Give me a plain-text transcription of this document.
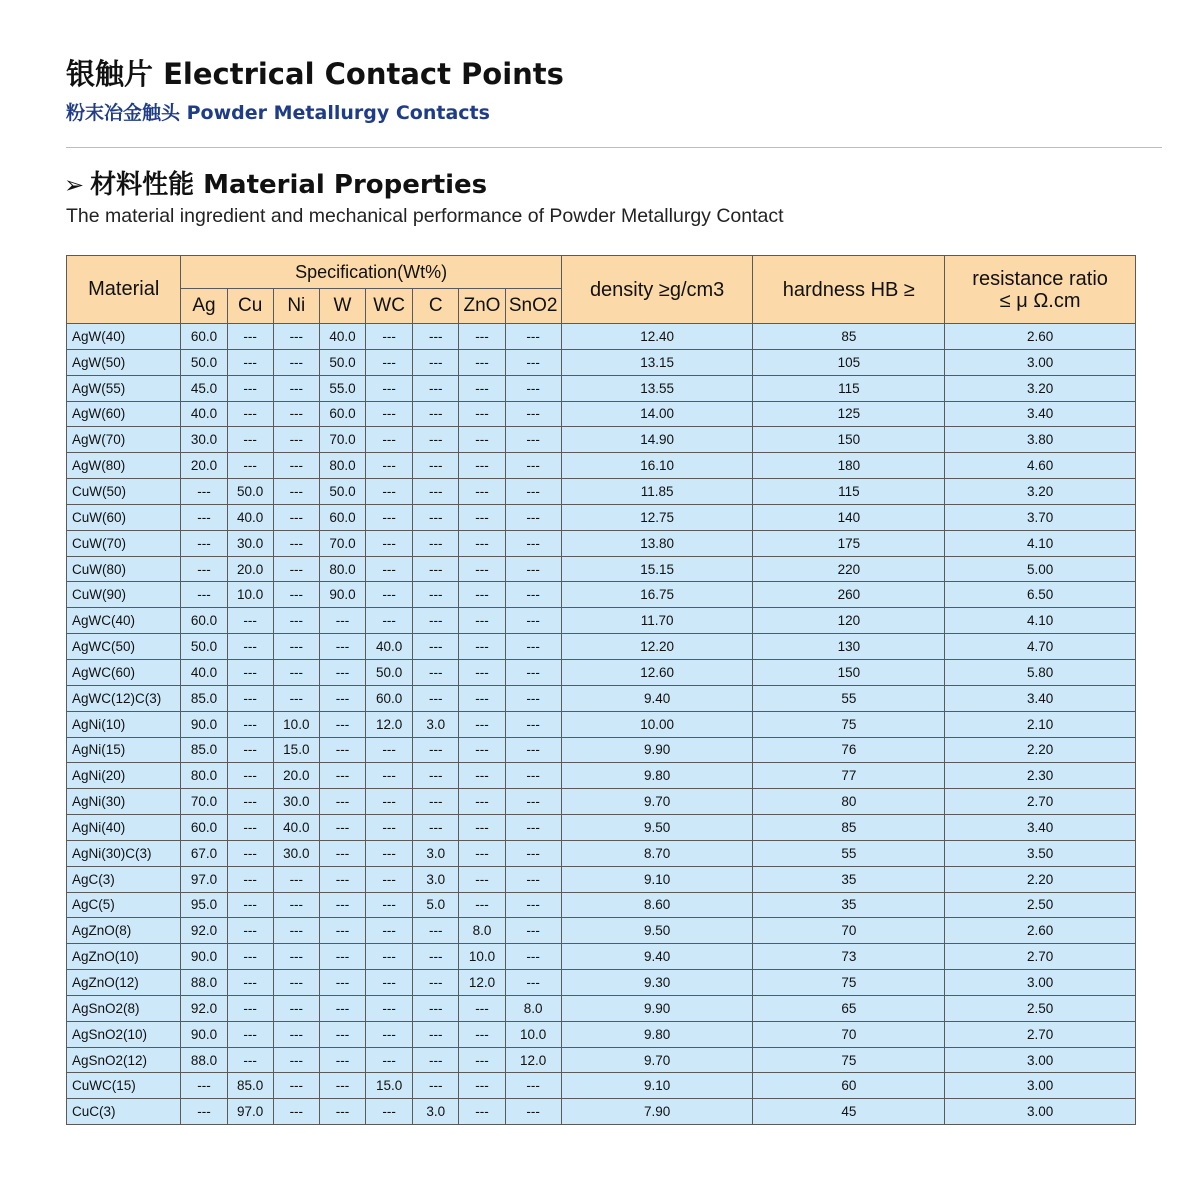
银触片 Electrical Contact Points
粉末冶金触头 Powder Metallurgy Contacts
➢ 材料性能 Material Properties
The material ingredient and mechanical performance of Powder Metallurgy Contact
Material	Specification(Wt%)								density ≥g/cm3	hardness HB ≥	resistance ratio
≤ μ Ω.cm

	Ag	Cu	Ni	W	WC	C	ZnO	SnO2			
AgW(40)	60.0	---	---	40.0	---	---	---	---	12.40	85	2.60
AgW(50)	50.0	---	---	50.0	---	---	---	---	13.15	105	3.00
AgW(55)	45.0	---	---	55.0	---	---	---	---	13.55	115	3.20
AgW(60)	40.0	---	---	60.0	---	---	---	---	14.00	125	3.40
AgW(70)	30.0	---	---	70.0	---	---	---	---	14.90	150	3.80
AgW(80)	20.0	---	---	80.0	---	---	---	---	16.10	180	4.60
CuW(50)	---	50.0	---	50.0	---	---	---	---	11.85	115	3.20
CuW(60)	---	40.0	---	60.0	---	---	---	---	12.75	140	3.70
CuW(70)	---	30.0	---	70.0	---	---	---	---	13.80	175	4.10
CuW(80)	---	20.0	---	80.0	---	---	---	---	15.15	220	5.00
CuW(90)	---	10.0	---	90.0	---	---	---	---	16.75	260	6.50
AgWC(40)	60.0	---	---	---	---	---	---	---	11.70	120	4.10
AgWC(50)	50.0	---	---	---	40.0	---	---	---	12.20	130	4.70
AgWC(60)	40.0	---	---	---	50.0	---	---	---	12.60	150	5.80
AgWC(12)C(3)	85.0	---	---	---	60.0	---	---	---	9.40	55	3.40
AgNi(10)	90.0	---	10.0	---	12.0	3.0	---	---	10.00	75	2.10
AgNi(15)	85.0	---	15.0	---	---	---	---	---	9.90	76	2.20
AgNi(20)	80.0	---	20.0	---	---	---	---	---	9.80	77	2.30
AgNi(30)	70.0	---	30.0	---	---	---	---	---	9.70	80	2.70
AgNi(40)	60.0	---	40.0	---	---	---	---	---	9.50	85	3.40
AgNi(30)C(3)	67.0	---	30.0	---	---	3.0	---	---	8.70	55	3.50
AgC(3)	97.0	---	---	---	---	3.0	---	---	9.10	35	2.20
AgC(5)	95.0	---	---	---	---	5.0	---	---	8.60	35	2.50
AgZnO(8)	92.0	---	---	---	---	---	8.0	---	9.50	70	2.60
AgZnO(10)	90.0	---	---	---	---	---	10.0	---	9.40	73	2.70
AgZnO(12)	88.0	---	---	---	---	---	12.0	---	9.30	75	3.00
AgSnO2(8)	92.0	---	---	---	---	---	---	8.0	9.90	65	2.50
AgSnO2(10)	90.0	---	---	---	---	---	---	10.0	9.80	70	2.70
AgSnO2(12)	88.0	---	---	---	---	---	---	12.0	9.70	75	3.00
CuWC(15)	---	85.0	---	---	15.0	---	---	---	9.10	60	3.00
CuC(3)	---	97.0	---	---	---	3.0	---	---	7.90	45	3.00
